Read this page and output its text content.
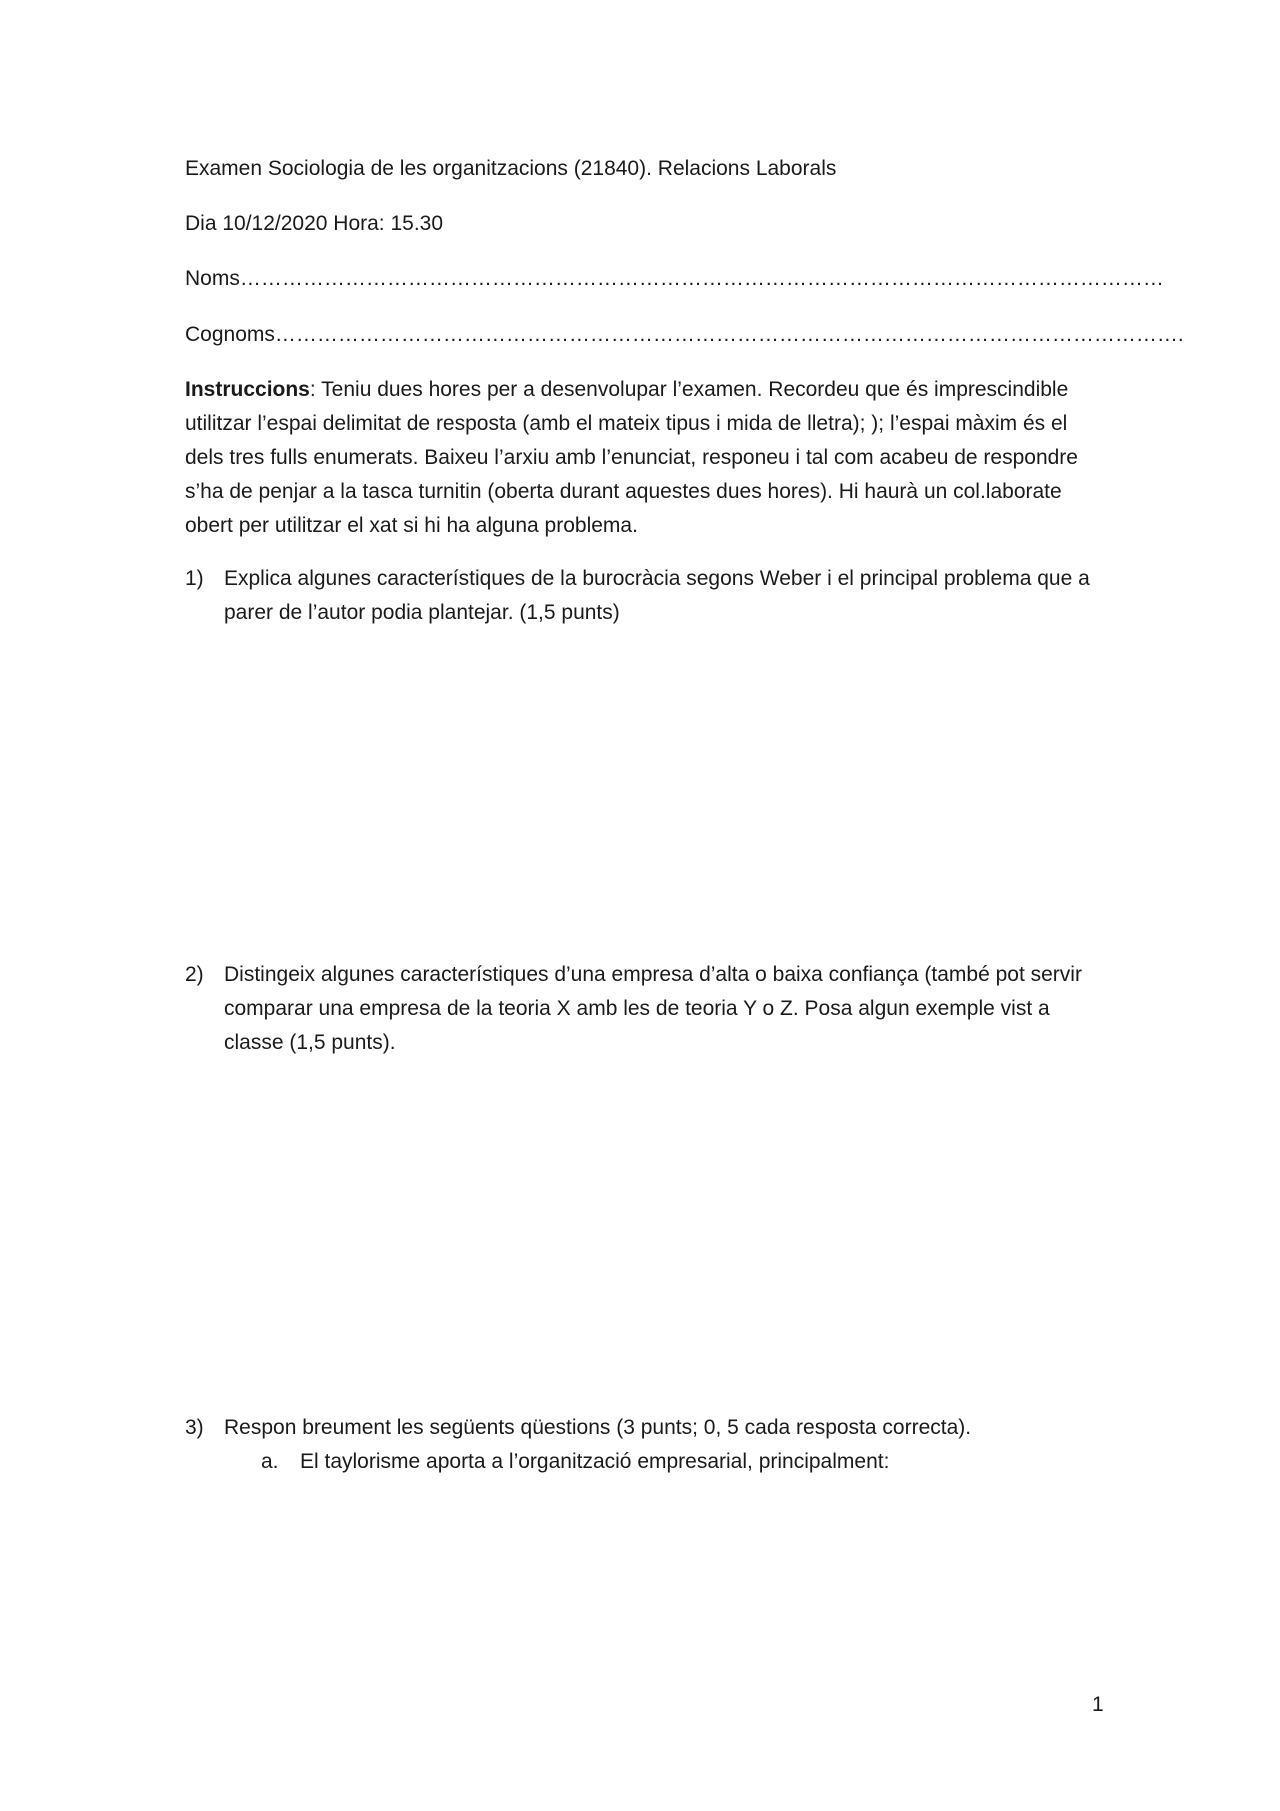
Examen Sociologia de les organitzacions (21840). Relacions Laborals
Dia 10/12/2020 Hora: 15.30
Noms……………………………………………………………………………………………………………………
Cognoms………………………………………………………………………………………………………………….
Instruccions: Teniu dues hores per a desenvolupar l’examen. Recordeu que és imprescindible utilitzar l’espai delimitat de resposta (amb el mateix tipus i mida de lletra); ); l’espai màxim és el dels tres fulls enumerats. Baixeu l’arxiu amb l’enunciat, responeu i tal com acabeu de respondre s’ha de penjar a la tasca turnitin (oberta durant aquestes dues hores). Hi haurà un col.laborate obert per utilitzar el xat si hi ha alguna problema.
1) Explica algunes característiques de la burocràcia segons Weber i el principal problema que a parer de l’autor podia plantejar. (1,5 punts)
2) Distingeix algunes característiques d’una empresa d’alta o baixa confiança (també pot servir comparar una empresa de la teoria X amb les de teoria Y o Z. Posa algun exemple vist a classe (1,5 punts).
3) Respon breument les següents qüestions (3 punts; 0, 5 cada resposta correcta).
a. El taylorisme aporta a l’organització empresarial, principalment:
1
